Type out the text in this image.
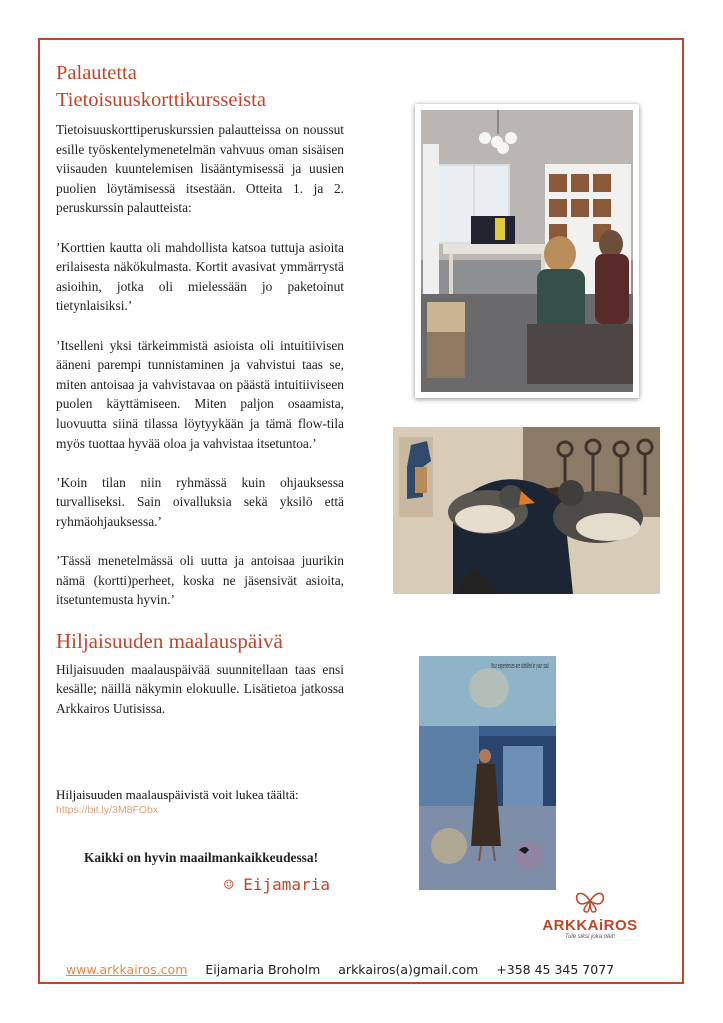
Palautetta
Tietoisuuskorttikursseista

Tietoisuuskorttiperuskurssien palautteissa on noussut esille työskentelymenetelmän vahvuus oman sisäisen viisauden kuuntelemisen lisääntymisessä ja uusien puolien löytämisessä itsestään. Otteita 1. ja 2. peruskurssin palautteista:

’Korttien kautta oli mahdollista katsoa tuttuja asioita erilaisesta näkökulmasta. Kortit avasivat ymmärrystä asioihin, jotka oli mielessään jo paketoinut tietynlaisiksi.’

’Itselleni yksi tärkeimmistä asioista oli intuitiivisen ääneni parempi tunnistaminen ja vahvistui taas se, miten antoisaa ja vahvistavaa on päästä intuitiiviseen puolen käyttämiseen. Miten paljon osaamista, luovuutta siinä tilassa löytyykään ja tämä flow-tila myös tuottaa hyvää oloa ja vahvistaa itsetuntoa.’

’Koin tilan niin ryhmässä kuin ohjauksessa turvalliseksi. Sain oivalluksia sekä yksilö että ryhmäohjauksessa.’

’Tässä menetelmässä oli uutta ja antoisaa juurikin nämä (kortti)perheet, koska ne jäsensivät asioita, itsetuntemusta hyvin.’

Hiljaisuuden maalauspäivä

Hiljaisuuden maalauspäivää suunnitellaan taas ensi kesälle; näillä näkymin elokuulle. Lisätietoa jatkossa Arkkairos Uutisissa.

Hiljaisuuden maalauspäivistä voit lukea täältä:
https://bit.ly/3M8FObx
Kaikki on hyvin maailmankaikkeudessa!
☺ Eijamaria
Your experiences are distilled in your soul
ARKKAiROS
Tule siksi joka olet!
www.arkkairos.com Eijamaria Broholm arkkairos(a)gmail.com +358 45 345 7077
